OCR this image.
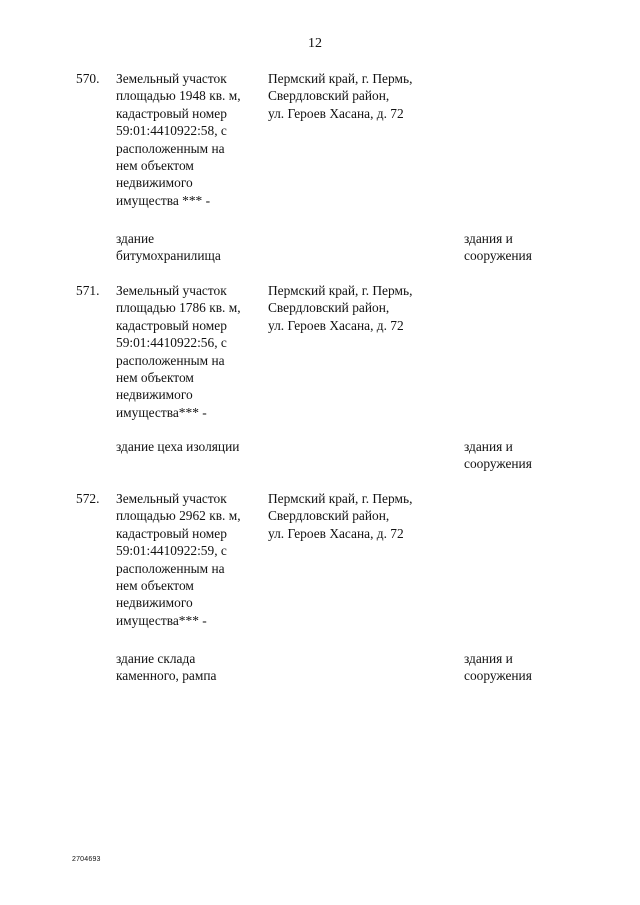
12
570. Земельный участок
площадью 1948 кв. м,
кадастровый номер
59:01:4410922:58, с
расположенным на
нем объектом
недвижимого
имущества *** -
Пермский край, г. Пермь,
Свердловский район,
ул. Героев Хасана, д. 72
здание
битумохранилища
здания и
сооружения
571. Земельный участок
площадью 1786 кв. м,
кадастровый номер
59:01:4410922:56, с
расположенным на
нем объектом
недвижимого
имущества*** -
Пермский край, г. Пермь,
Свердловский район,
ул. Героев Хасана, д. 72
здание цеха изоляции	здания и
сооружения
572. Земельный участок
площадью 2962 кв. м,
кадастровый номер
59:01:4410922:59, с
расположенным на
нем объектом
недвижимого
имущества*** -
Пермский край, г. Пермь,
Свердловский район,
ул. Героев Хасана, д. 72
здание склада
каменного, рампа
здания и
сооружения
2704693
